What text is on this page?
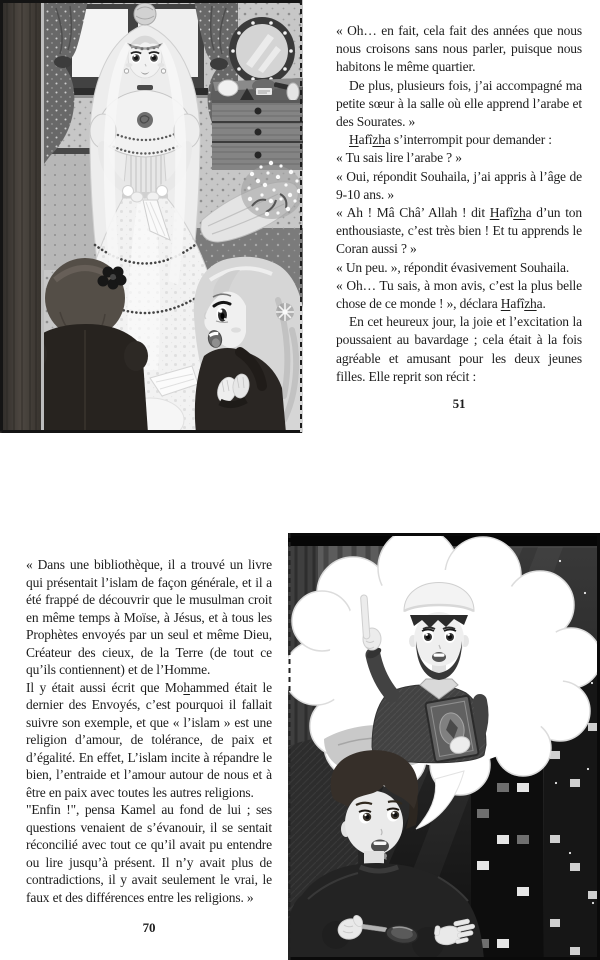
« Oh… en fait, cela fait des années que nous nous croisons sans nous parler, puisque nous habitons le même quartier.

De plus, plusieurs fois, j’ai accompagné ma petite sœur à la salle où elle apprend l’arabe et des Sourates. »

Hafîzha s’interrompit pour demander :

« Tu sais lire l’arabe ? »

« Oui, répondit Souhaila, j’ai appris à l’âge de 9-10 ans. »

« Ah ! Mâ Châ’ Allah ! dit Hafîzha d’un ton enthousiaste, c’est très bien ! Et tu apprends le Coran aussi ? »

« Un peu. », répondit évasivement Souhaila.

« Oh… Tu sais, à mon avis, c’est la plus belle chose de ce monde ! », déclara Hafîzha.

En cet heureux jour, la joie et l’excitation la poussaient au bavardage ; cela était à la fois agréable et amusant pour les deux jeunes filles. Elle reprit son récit :

51

« Dans une bibliothèque, il a trouvé un livre qui présentait l’islam de façon générale, et il a été frappé de découvrir que le musulman croit en même temps à Moïse, à Jésus, et à tous les Prophètes envoyés par un seul et même Dieu, Créateur des cieux, de la Terre (de tout ce qu’ils contiennent) et de l’Homme.

Il y était aussi écrit que Mohammed était le dernier des Envoyés, c’est pourquoi il fallait suivre son exemple, et que « l’islam » est une religion d’amour, de tolérance, de paix et d’égalité. En effet, L’islam incite à répandre le bien, l’entraide et l’amour autour de nous et à être en paix avec toutes les autres religions.

"Enfin !", pensa Kamel au fond de lui ; ses questions venaient de s’évanouir, il se sentait réconcilié avec tout ce qu’il avait pu entendre ou lire jusqu’à présent. Il n’y avait plus de contradictions, il y avait seulement le vrai, le faux et des différences entre les religions. »

70
